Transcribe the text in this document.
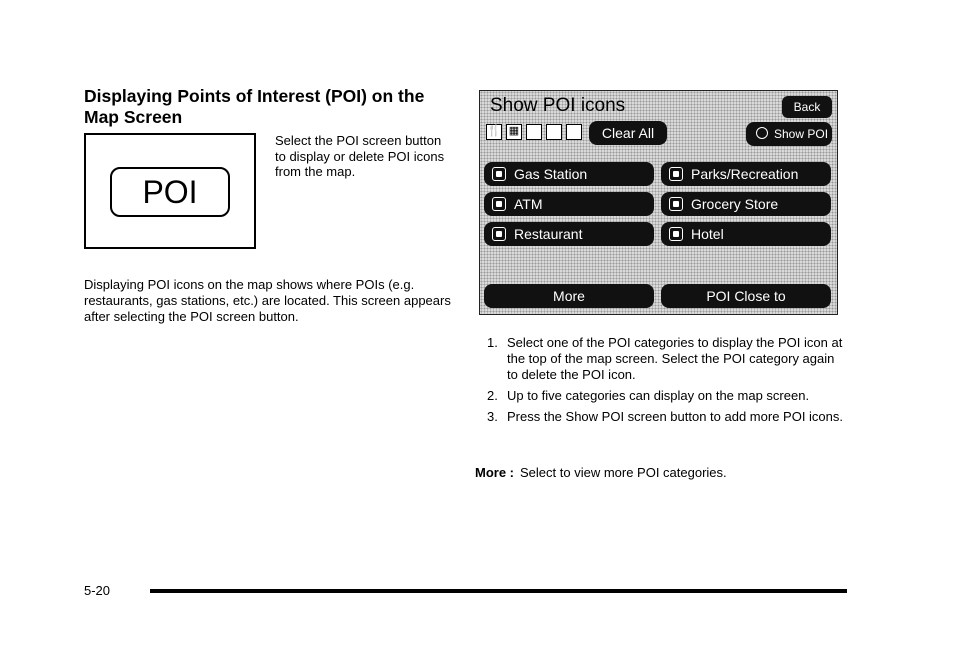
Displaying Points of Interest (POI) on the Map Screen
POI
Select the POI screen button to display or delete POI icons from the map.
Displaying POI icons on the map shows where POIs (e.g. restaurants, gas stations, etc.) are located. This screen appears after selecting the POI screen button.
Show POI icons	Back
🍴 ▦	Clear All	Show POI
Gas Station	Parks/Recreation
ATM	Grocery Store
Restaurant	Hotel
More	POI Close to
1. Select one of the POI categories to display the POI icon at the top of the map screen. Select the POI category again to delete the POI icon.
2. Up to five categories can display on the map screen.
3. Press the Show POI screen button to add more POI icons.
More : Select to view more POI categories.
5-20
